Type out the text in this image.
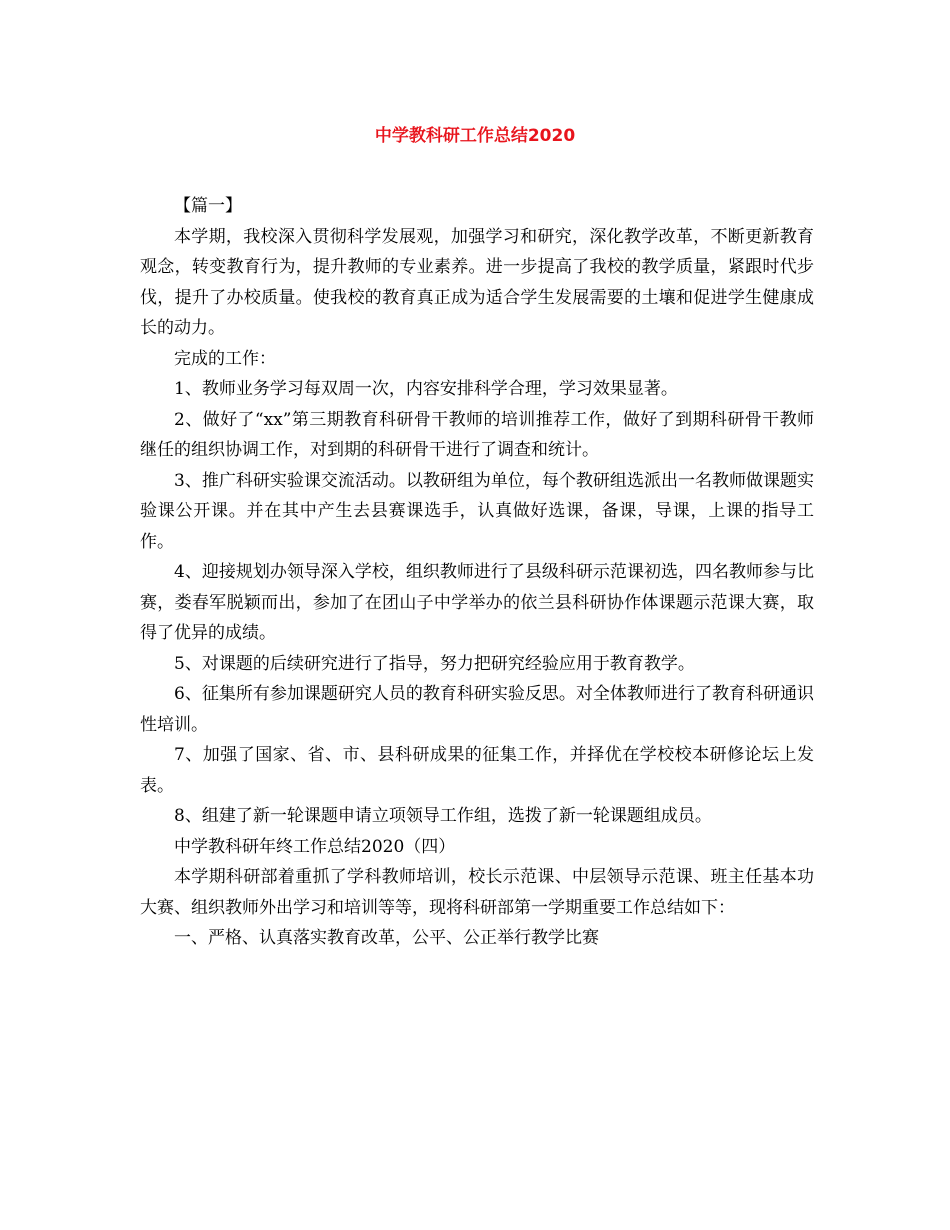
中学教科研工作总结2020

【篇一】

本学期，我校深入贯彻科学发展观，加强学习和研究，深化教学改革，不断更新教育观念，转变教育行为，提升教师的专业素养。进一步提高了我校的教学质量，紧跟时代步伐，提升了办校质量。使我校的教育真正成为适合学生发展需要的土壤和促进学生健康成长的动力。

完成的工作：

1、教师业务学习每双周一次，内容安排科学合理，学习效果显著。

2、做好了“xx”第三期教育科研骨干教师的培训推荐工作，做好了到期科研骨干教师继任的组织协调工作，对到期的科研骨干进行了调查和统计。

3、推广科研实验课交流活动。以教研组为单位，每个教研组选派出一名教师做课题实验课公开课。并在其中产生去县赛课选手，认真做好选课，备课，导课，上课的指导工作。

4、迎接规划办领导深入学校，组织教师进行了县级科研示范课初选，四名教师参与比赛，娄春军脱颖而出，参加了在团山子中学举办的依兰县科研协作体课题示范课大赛，取得了优异的成绩。

5、对课题的后续研究进行了指导，努力把研究经验应用于教育教学。

6、征集所有参加课题研究人员的教育科研实验反思。对全体教师进行了教育科研通识性培训。

7、加强了国家、省、市、县科研成果的征集工作，并择优在学校校本研修论坛上发表。

8、组建了新一轮课题申请立项领导工作组，选拨了新一轮课题组成员。

中学教科研年终工作总结2020（四）

本学期科研部着重抓了学科教师培训，校长示范课、中层领导示范课、班主任基本功大赛、组织教师外出学习和培训等等，现将科研部第一学期重要工作总结如下：

一、严格、认真落实教育改革，公平、公正举行教学比赛
